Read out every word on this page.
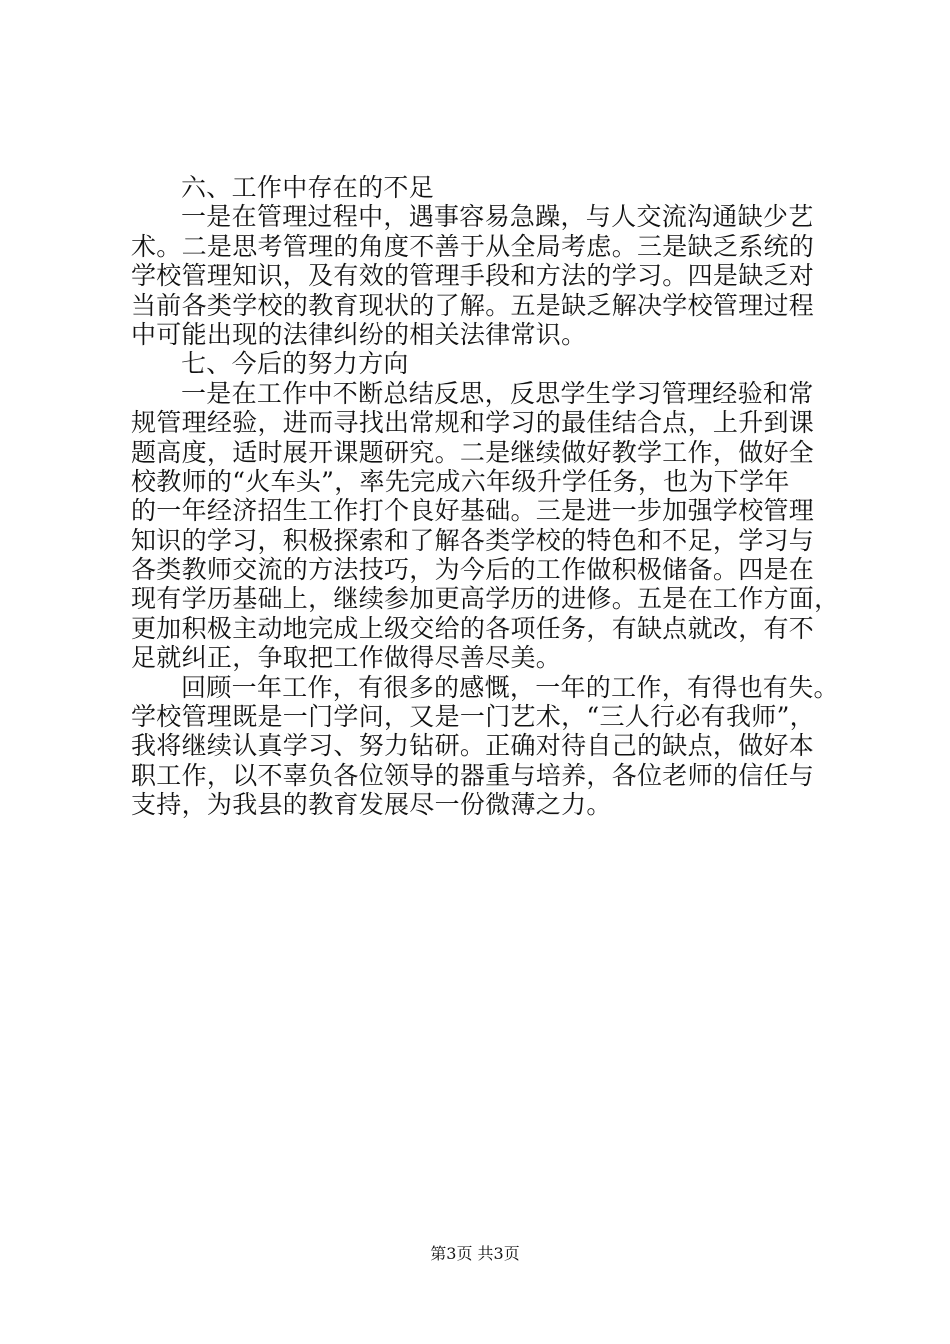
六、工作中存在的不足
一是在管理过程中，遇事容易急躁，与人交流沟通缺少艺
术。二是思考管理的角度不善于从全局考虑。三是缺乏系统的
学校管理知识，及有效的管理手段和方法的学习。四是缺乏对
当前各类学校的教育现状的了解。五是缺乏解决学校管理过程
中可能出现的法律纠纷的相关法律常识。
七、今后的努力方向
一是在工作中不断总结反思，反思学生学习管理经验和常
规管理经验，进而寻找出常规和学习的最佳结合点，上升到课
题高度，适时展开课题研究。二是继续做好教学工作，做好全
校教师的“火车头”，率先完成六年级升学任务，也为下学年
的一年经济招生工作打个良好基础。三是进一步加强学校管理
知识的学习，积极探索和了解各类学校的特色和不足，学习与
各类教师交流的方法技巧，为今后的工作做积极储备。四是在
现有学历基础上，继续参加更高学历的进修。五是在工作方面，
更加积极主动地完成上级交给的各项任务，有缺点就改，有不
足就纠正，争取把工作做得尽善尽美。
回顾一年工作，有很多的感慨，一年的工作，有得也有失。
学校管理既是一门学问，又是一门艺术，“三人行必有我师”，
我将继续认真学习、努力钻研。正确对待自己的缺点，做好本
职工作，以不辜负各位领导的器重与培养，各位老师的信任与
支持，为我县的教育发展尽一份微薄之力。
第3页 共3页
